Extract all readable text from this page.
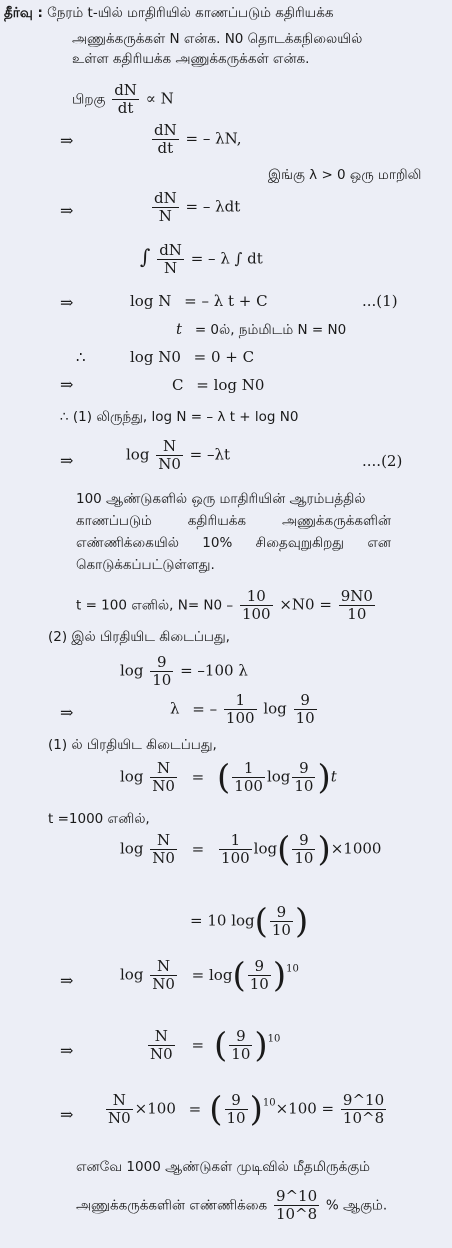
தீர்வு : நேரம் t-யில் மாதிரியில் காணப்படும் கதிரியக்க
அணுக்கருக்கள் N என்க. N0 தொடக்கநிலையில்
உள்ள கதிரியக்க அணுக்கருக்கள் என்க.
பிறகு $\frac{dN}{dt} \propto N$
⇒	$\frac{dN}{dt}$ = – λN,
இங்கு λ > 0 ஒரு மாறிலி
⇒	$\frac{dN}{N}$ = – λdt
∫ $\frac{dN}{N}$ = – λ ∫ dt
⇒	log N = – λ t + C	...(1)
t = 0ல், நம்மிடம் N = N0
∴	log N0 = 0 + C
⇒	C = log N0
∴ (1) லிருந்து, log N = – λ t + log N0
⇒	$\log \frac{N}{N0} = -\lambda t$	....(2)
100 ஆண்டுகளில் ஒரு மாதிரியின் ஆரம்பத்தில்
காணப்படும் கதிரியக்க அணுக்கருக்களின்
எண்ணிக்கையில் 10% சிதைவுறுகிறது என
கொடுக்கப்பட்டுள்ளது.
t = 100 எனில், $N= N0 - \frac{10}{100} \times N0 = \frac{9N0}{10}$
(2) இல் பிரதியிட கிடைப்பது,
$\log \frac{9}{10} = -100$ λ
⇒	λ = – $\frac{1}{100}$ $\log \frac{9}{10}$
(1) ல் பிரதியிட கிடைப்பது,
$\log \frac{N}{N0}$ = ( $\frac{1}{100}$ $\log \frac{9}{10} )t$
t =1000 எனில்,
$\log \frac{N}{N0} = \frac{1}{100} \log( \frac{9}{10} )\times 1000$
= 10 $\log( \frac{9}{10}$ )
⇒	$\log \frac{N}{N0} = \log( \frac{9}{10} )^{10}$
⇒	$\frac{N}{N0}$ = ( $\frac{9}{10} )^{10}$
⇒ $\frac{N}{N0} \times 100$ = ( $\frac{9}{10} )^{10}\times 100 = \frac{9\^{}10}{10\^{}8}$
எனவே 1000 ஆண்டுகள் முடிவில் மீதமிருக்கும்
அணுக்கருக்களின் எண்ணிக்கை $\frac{9\^{}10}{10\^{}8}$ % ஆகும்.
